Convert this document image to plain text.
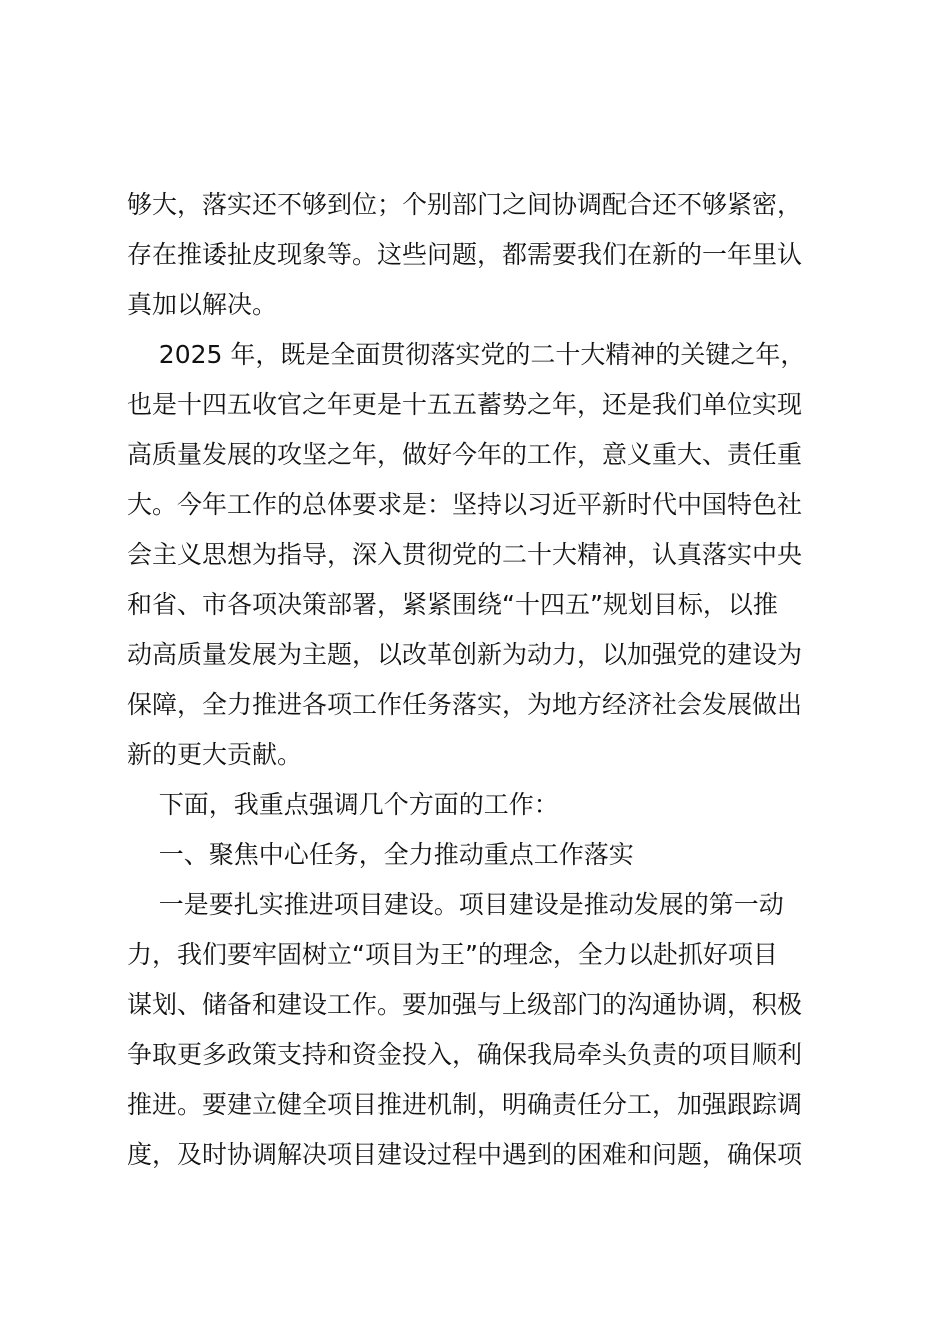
够大，落实还不够到位；个别部门之间协调配合还不够紧密，
存在推诿扯皮现象等。这些问题，都需要我们在新的一年里认
真加以解决。
2025 年，既是全面贯彻落实党的二十大精神的关键之年，
也是十四五收官之年更是十五五蓄势之年，还是我们单位实现
高质量发展的攻坚之年，做好今年的工作，意义重大、责任重
大。今年工作的总体要求是：坚持以习近平新时代中国特色社
会主义思想为指导，深入贯彻党的二十大精神，认真落实中央
和省、市各项决策部署，紧紧围绕“十四五”规划目标，以推
动高质量发展为主题，以改革创新为动力，以加强党的建设为
保障，全力推进各项工作任务落实，为地方经济社会发展做出
新的更大贡献。
下面，我重点强调几个方面的工作：
一、聚焦中心任务，全力推动重点工作落实
一是要扎实推进项目建设。项目建设是推动发展的第一动
力，我们要牢固树立“项目为王”的理念，全力以赴抓好项目
谋划、储备和建设工作。要加强与上级部门的沟通协调，积极
争取更多政策支持和资金投入，确保我局牵头负责的项目顺利
推进。要建立健全项目推进机制，明确责任分工，加强跟踪调
度，及时协调解决项目建设过程中遇到的困难和问题，确保项
